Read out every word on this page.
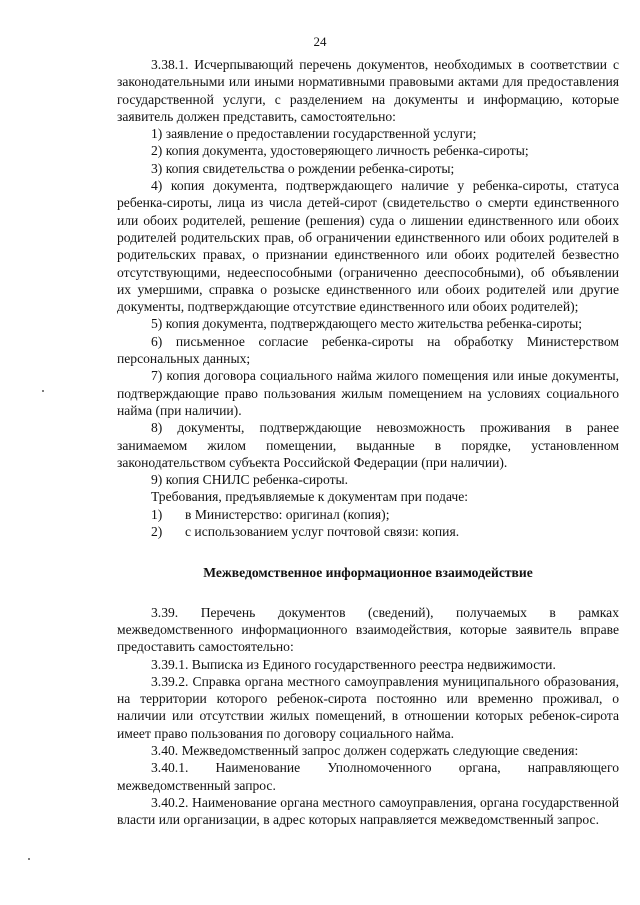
24

3.38.1. Исчерпывающий перечень документов, необходимых в соответствии с законодательными или иными нормативными правовыми актами для предоставления государственной услуги, с разделением на документы и информацию, которые заявитель должен представить, самостоятельно:

1) заявление о предоставлении государственной услуги;

2) копия документа, удостоверяющего личность ребенка-сироты;

3) копия свидетельства о рождении ребенка-сироты;

4) копия документа, подтверждающего наличие у ребенка-сироты, статуса ребенка-сироты, лица из числа детей-сирот (свидетельство о смерти единственного или обоих родителей, решение (решения) суда о лишении единственного или обоих родителей родительских прав, об ограничении единственного или обоих родителей в родительских правах, о признании единственного или обоих родителей безвестно отсутствующими, недееспособными (ограниченно дееспособными), об объявлении их умершими, справка о розыске единственного или обоих родителей или другие документы, подтверждающие отсутствие единственного или обоих родителей);

5) копия документа, подтверждающего место жительства ребенка-сироты;

6) письменное согласие ребенка-сироты на обработку Министерством персональных данных;

7) копия договора социального найма жилого помещения или иные документы, подтверждающие право пользования жилым помещением на условиях социального найма (при наличии).

8) документы, подтверждающие невозможность проживания в ранее занимаемом жилом помещении, выданные в порядке, установленном законодательством субъекта Российской Федерации (при наличии).

9) копия СНИЛС ребенка-сироты.

Требования, предъявляемые к документам при подаче:

1) в Министерство: оригинал (копия);

2) с использованием услуг почтовой связи: копия.

Межведомственное информационное взаимодействие

3.39. Перечень документов (сведений), получаемых в рамках межведомственного информационного взаимодействия, которые заявитель вправе предоставить самостоятельно:

3.39.1. Выписка из Единого государственного реестра недвижимости.

3.39.2. Справка органа местного самоуправления муниципального образования, на территории которого ребенок-сирота постоянно или временно проживал, о наличии или отсутствии жилых помещений, в отношении которых ребенок-сирота имеет право пользования по договору социального найма.

3.40. Межведомственный запрос должен содержать следующие сведения:

3.40.1. Наименование Уполномоченного органа, направляющего межведомственный запрос.

3.40.2. Наименование органа местного самоуправления, органа государственной власти или организации, в адрес которых направляется межведомственный запрос.
